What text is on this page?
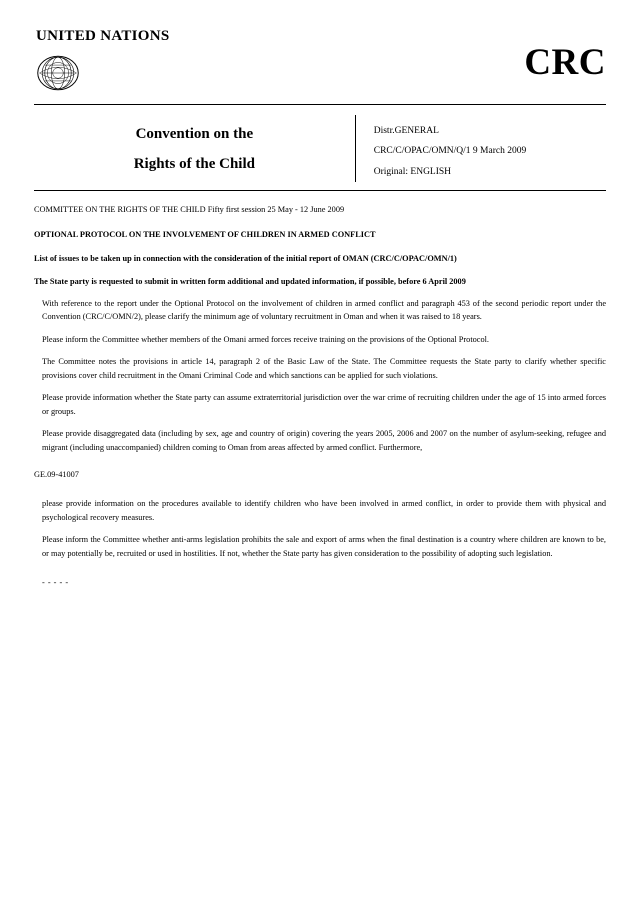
UNITED NATIONS
CRC
Convention on the
Rights of the Child
Distr.GENERAL
CRC/C/OPAC/OMN/Q/1 9 March 2009
Original: ENGLISH
COMMITTEE ON THE RIGHTS OF THE CHILD Fifty first session 25 May - 12 June 2009

OPTIONAL PROTOCOL ON THE INVOLVEMENT OF CHILDREN IN ARMED CONFLICT

List of issues to be taken up in connection with the consideration of the initial report of OMAN (CRC/C/OPAC/OMN/1)

The State party is requested to submit in written form additional and updated information, if possible, before 6 April 2009

With reference to the report under the Optional Protocol on the involvement of children in armed conflict and paragraph 453 of the second periodic report under the Convention (CRC/C/OMN/2), please clarify the minimum age of voluntary recruitment in Oman and when it was raised to 18 years.

Please inform the Committee whether members of the Omani armed forces receive training on the provisions of the Optional Protocol.

The Committee notes the provisions in article 14, paragraph 2 of the Basic Law of the State. The Committee requests the State party to clarify whether specific provisions cover child recruitment in the Omani Criminal Code and which sanctions can be applied for such violations.

Please provide information whether the State party can assume extraterritorial jurisdiction over the war crime of recruiting children under the age of 15 into armed forces or groups.

Please provide disaggregated data (including by sex, age and country of origin) covering the years 2005, 2006 and 2007 on the number of asylum-seeking, refugee and migrant (including unaccompanied) children coming to Oman from areas affected by armed conflict. Furthermore,

GE.09-41007

please provide information on the procedures available to identify children who have been involved in armed conflict, in order to provide them with physical and psychological recovery measures.

Please inform the Committee whether anti-arms legislation prohibits the sale and export of arms when the final destination is a country where children are known to be, or may potentially be, recruited or used in hostilities. If not, whether the State party has given consideration to the possibility of adopting such legislation.

- - - - -
